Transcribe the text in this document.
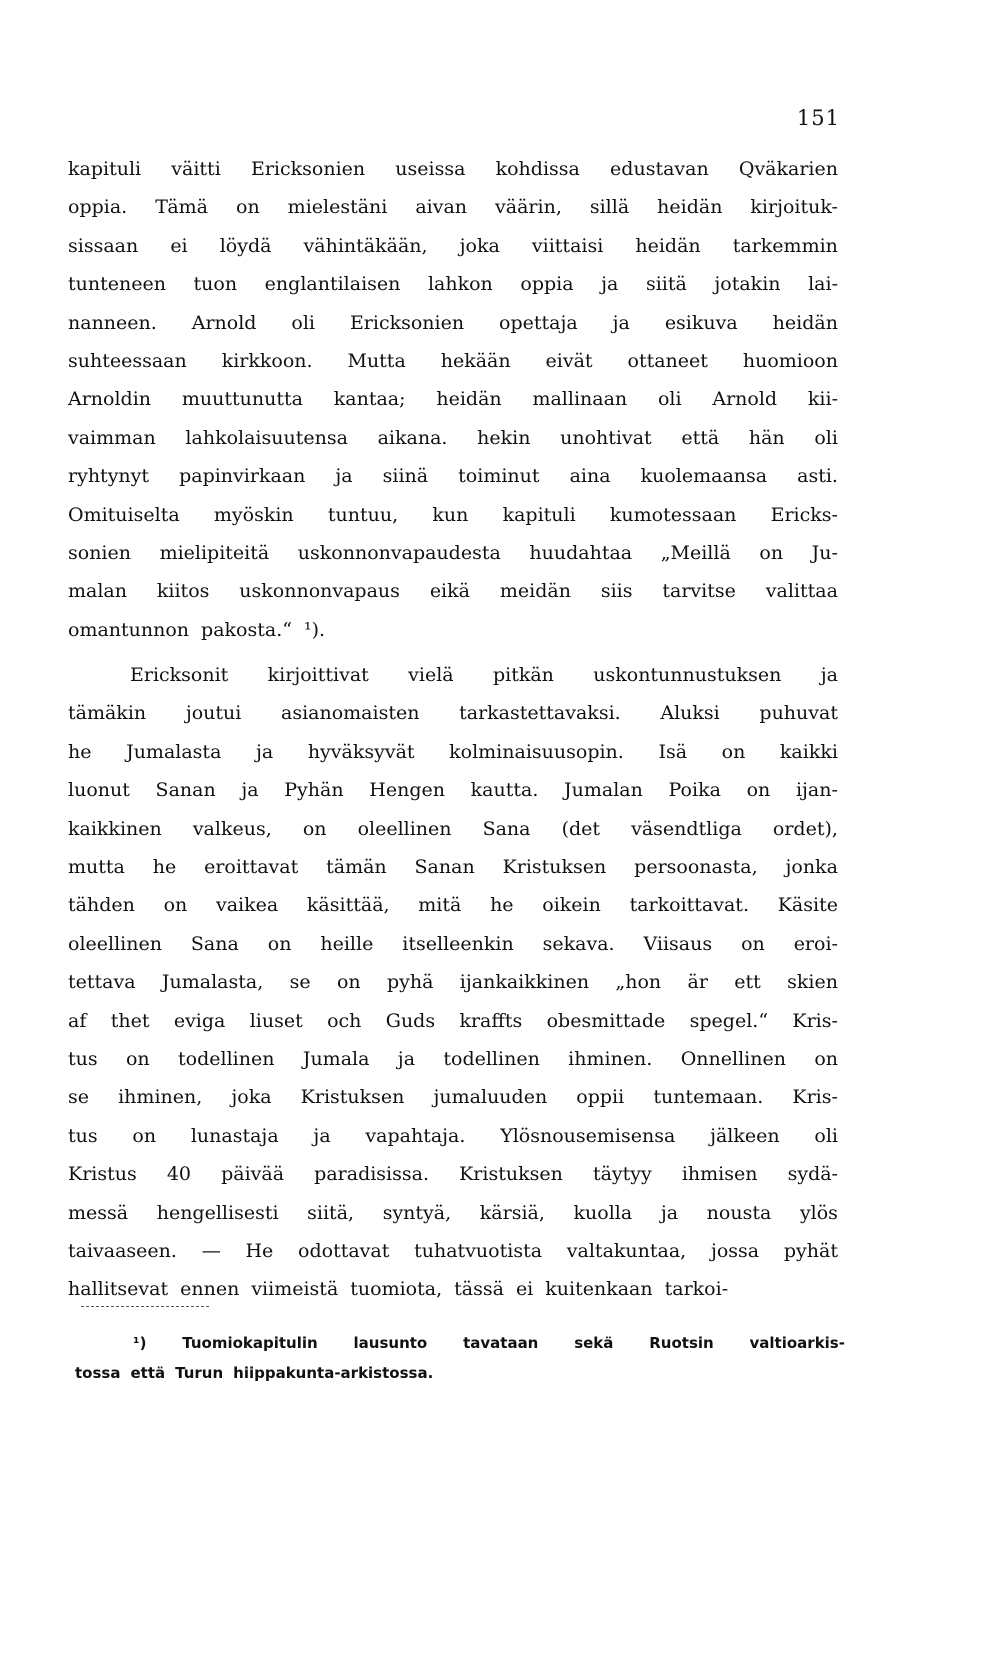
151
kapituli väitti Ericksonien useissa kohdissa edustavan Qväkarien
oppia. Tämä on mielestäni aivan väärin, sillä heidän kirjoituk-
sissaan ei löydä vähintäkään, joka viittaisi heidän tarkemmin
tunteneen tuon englantilaisen lahkon oppia ja siitä jotakin lai-
nanneen. Arnold oli Ericksonien opettaja ja esikuva heidän
suhteessaan kirkkoon. Mutta hekään eivät ottaneet huomioon
Arnoldin muuttunutta kantaa; heidän mallinaan oli Arnold kii-
vaimman lahkolaisuutensa aikana. hekin unohtivat että hän oli
ryhtynyt papinvirkaan ja siinä toiminut aina kuolemaansa asti.
Omituiselta myöskin tuntuu, kun kapituli kumotessaan Ericks-
sonien mielipiteitä uskonnonvapaudesta huudahtaa „Meillä on Ju-
malan kiitos uskonnonvapaus eikä meidän siis tarvitse valittaa
omantunnon pakosta.“ ¹).
Ericksonit kirjoittivat vielä pitkän uskontunnustuksen ja
tämäkin joutui asianomaisten tarkastettavaksi. Aluksi puhuvat
he Jumalasta ja hyväksyvät kolminaisuusopin. Isä on kaikki
luonut Sanan ja Pyhän Hengen kautta. Jumalan Poika on ijan-
kaikkinen valkeus, on oleellinen Sana (det väsendtliga ordet),
mutta he eroittavat tämän Sanan Kristuksen persoonasta, jonka
tähden on vaikea käsittää, mitä he oikein tarkoittavat. Käsite
oleellinen Sana on heille itselleenkin sekava. Viisaus on eroi-
tettava Jumalasta, se on pyhä ijankaikkinen „hon är ett skien
af thet eviga liuset och Guds kraffts obesmittade spegel.“ Kris-
tus on todellinen Jumala ja todellinen ihminen. Onnellinen on
se ihminen, joka Kristuksen jumaluuden oppii tuntemaan. Kris-
tus on lunastaja ja vapahtaja. Ylösnousemisensa jälkeen oli
Kristus 40 päivää paradisissa. Kristuksen täytyy ihmisen sydä-
messä hengellisesti siitä, syntyä, kärsiä, kuolla ja nousta ylös
taivaaseen. — He odottavat tuhatvuotista valtakuntaa, jossa pyhät
hallitsevat ennen viimeistä tuomiota, tässä ei kuitenkaan tarkoi-
¹) Tuomiokapitulin lausunto tavataan sekä Ruotsin valtioarkis-
tossa että Turun hiippakunta-arkistossa.
